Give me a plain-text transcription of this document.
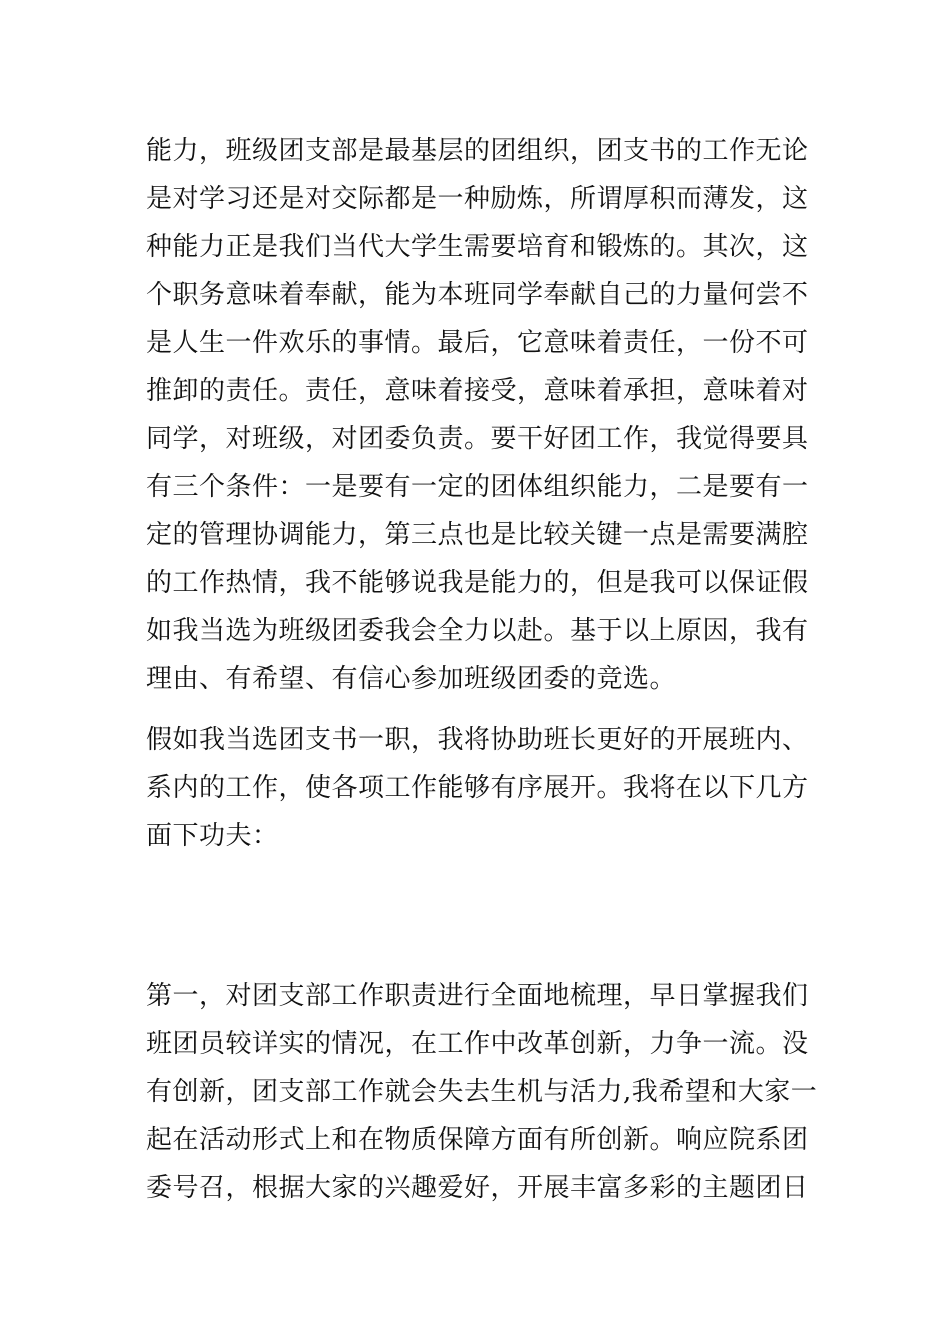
能力，班级团支部是最基层的团组织，团支书的工作无论
是对学习还是对交际都是一种励炼，所谓厚积而薄发，这
种能力正是我们当代大学生需要培育和锻炼的。其次，这
个职务意味着奉献，能为本班同学奉献自己的力量何尝不
是人生一件欢乐的事情。最后，它意味着责任，一份不可
推卸的责任。责任，意味着接受，意味着承担，意味着对
同学，对班级，对团委负责。要干好团工作，我觉得要具
有三个条件：一是要有一定的团体组织能力，二是要有一
定的管理协调能力，第三点也是比较关键一点是需要满腔
的工作热情，我不能够说我是能力的，但是我可以保证假
如我当选为班级团委我会全力以赴。基于以上原因，我有
理由、有希望、有信心参加班级团委的竞选。
假如我当选团支书一职，我将协助班长更好的开展班内、
系内的工作，使各项工作能够有序展开。我将在以下几方
面下功夫：
第一，对团支部工作职责进行全面地梳理，早日掌握我们
班团员较详实的情况，在工作中改革创新，力争一流。没
有创新，团支部工作就会失去生机与活力,我希望和大家一
起在活动形式上和在物质保障方面有所创新。响应院系团
委号召，根据大家的兴趣爱好，开展丰富多彩的主题团日
